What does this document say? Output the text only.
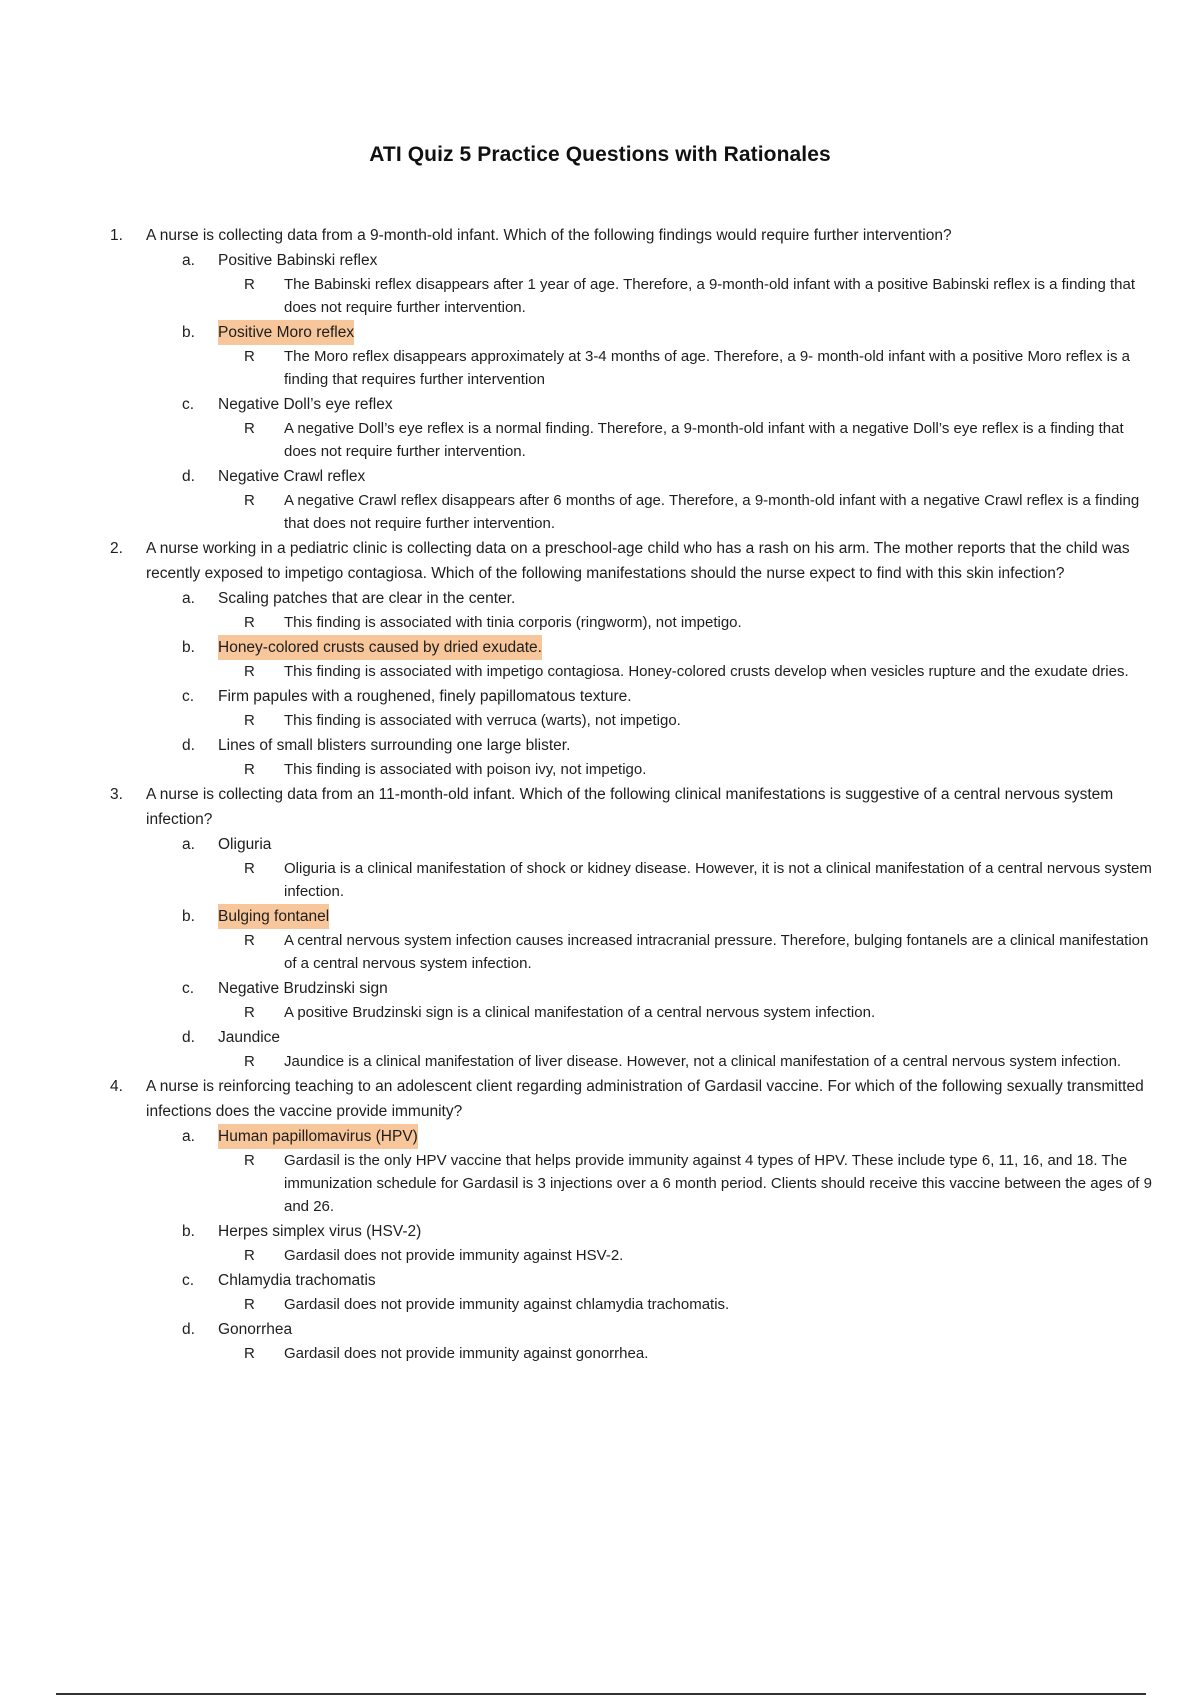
ATI Quiz 5 Practice Questions with Rationales
1.	A nurse is collecting data from a 9-month-old infant. Which of the following findings would require further intervention?
a.	Positive Babinski reflex
R	The Babinski reflex disappears after 1 year of age. Therefore, a 9-month-old infant with a positive Babinski reflex is a finding that does not require further intervention.
b.	Positive Moro reflex
R	The Moro reflex disappears approximately at 3-4 months of age. Therefore, a 9- month-old infant with a positive Moro reflex is a finding that requires further intervention
c.	Negative Doll’s eye reflex
R	A negative Doll’s eye reflex is a normal finding. Therefore, a 9-month-old infant with a negative Doll’s eye reflex is a finding that does not require further intervention.
d.	Negative Crawl reflex
R	A negative Crawl reflex disappears after 6 months of age. Therefore, a 9-month-old infant with a negative Crawl reflex is a finding that does not require further intervention.
2.	A nurse working in a pediatric clinic is collecting data on a preschool-age child who has a rash on his arm. The mother reports that the child was recently exposed to impetigo contagiosa. Which of the following manifestations should the nurse expect to find with this skin infection?
a.	Scaling patches that are clear in the center.
R	This finding is associated with tinia corporis (ringworm), not impetigo.
b.	Honey-colored crusts caused by dried exudate.
R	This finding is associated with impetigo contagiosa. Honey-colored crusts develop when vesicles rupture and the exudate dries.
c.	Firm papules with a roughened, finely papillomatous texture.
R	This finding is associated with verruca (warts), not impetigo.
d.	Lines of small blisters surrounding one large blister.
R	This finding is associated with poison ivy, not impetigo.
3.	A nurse is collecting data from an 11-month-old infant. Which of the following clinical manifestations is suggestive of a central nervous system infection?
a.	Oliguria
R	Oliguria is a clinical manifestation of shock or kidney disease. However, it is not a clinical manifestation of a central nervous system infection.
b.	Bulging fontanel
R	A central nervous system infection causes increased intracranial pressure. Therefore, bulging fontanels are a clinical manifestation of a central nervous system infection.
c.	Negative Brudzinski sign
R	A positive Brudzinski sign is a clinical manifestation of a central nervous system infection.
d.	Jaundice
R	Jaundice is a clinical manifestation of liver disease. However, not a clinical manifestation of a central nervous system infection.
4.	A nurse is reinforcing teaching to an adolescent client regarding administration of Gardasil vaccine. For which of the following sexually transmitted infections does the vaccine provide immunity?
a.	Human papillomavirus (HPV)
R	Gardasil is the only HPV vaccine that helps provide immunity against 4 types of HPV. These include type 6, 11, 16, and 18. The immunization schedule for Gardasil is 3 injections over a 6 month period. Clients should receive this vaccine between the ages of 9 and 26.
b.	Herpes simplex virus (HSV-2)
R	Gardasil does not provide immunity against HSV-2.
c.	Chlamydia trachomatis
R	Gardasil does not provide immunity against chlamydia trachomatis.
d.	Gonorrhea
R	Gardasil does not provide immunity against gonorrhea.
